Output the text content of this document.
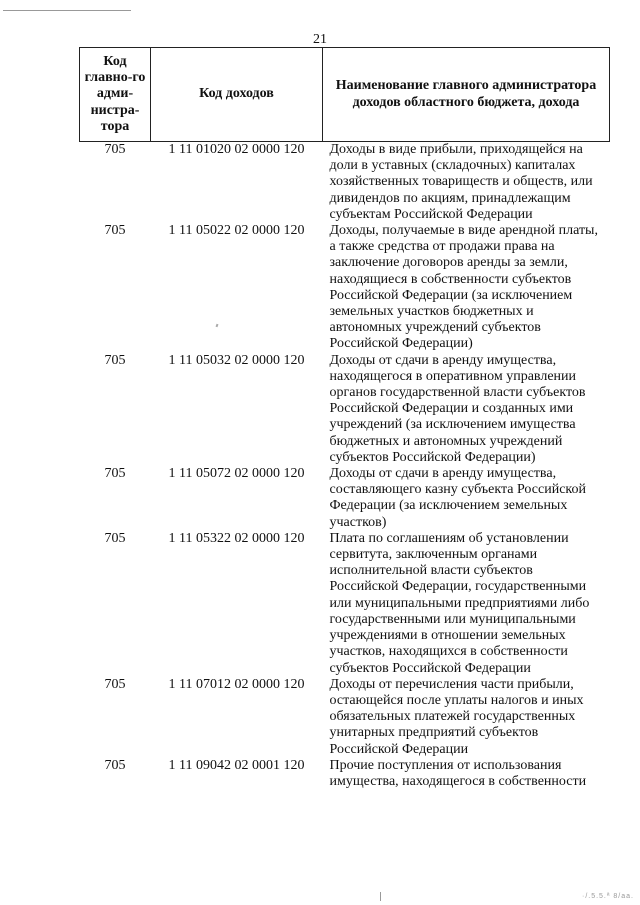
21
Код главно-го адми-нистра-тора	Код доходов	Наименование главного администратора доходов областного бюджета, дохода
705	1 11 01020 02 0000 120	Доходы в виде прибыли, приходящейся на доли в уставных (складочных) капиталах хозяйственных товариществ и обществ, или дивидендов по акциям, принадлежащим субъектам Российской Федерации
705	1 11 05022 02 0000 120	Доходы, получаемые в виде арендной платы, а также средства от продажи права на заключение договоров аренды за земли, находящиеся в собственности субъектов Российской Федерации (за исключением земельных участков бюджетных и автономных учреждений субъектов Российской Федерации)
705	1 11 05032 02 0000 120	Доходы от сдачи в аренду имущества, находящегося в оперативном управлении органов государственной власти субъектов Российской Федерации и созданных ими учреждений (за исключением имущества бюджетных и автономных учреждений субъектов Российской Федерации)
705	1 11 05072 02 0000 120	Доходы от сдачи в аренду имущества, составляющего казну субъекта Российской Федерации (за исключением земельных участков)
705	1 11 05322 02 0000 120	Плата по соглашениям об установлении сервитута, заключенным органами исполнительной власти субъектов Российской Федерации, государственными или муниципальными предприятиями либо государственными или муниципальными учреждениями в отношении земельных участков, находящихся в собственности субъектов Российской Федерации
705	1 11 07012 02 0000 120	Доходы от перечисления части прибыли, остающейся после уплаты налогов и иных обязательных платежей государственных унитарных предприятий субъектов Российской Федерации
705	1 11 09042 02 0001 120	Прочие поступления от использования имущества, находящегося в собственности
·/.5.5.ª 8/aa.
